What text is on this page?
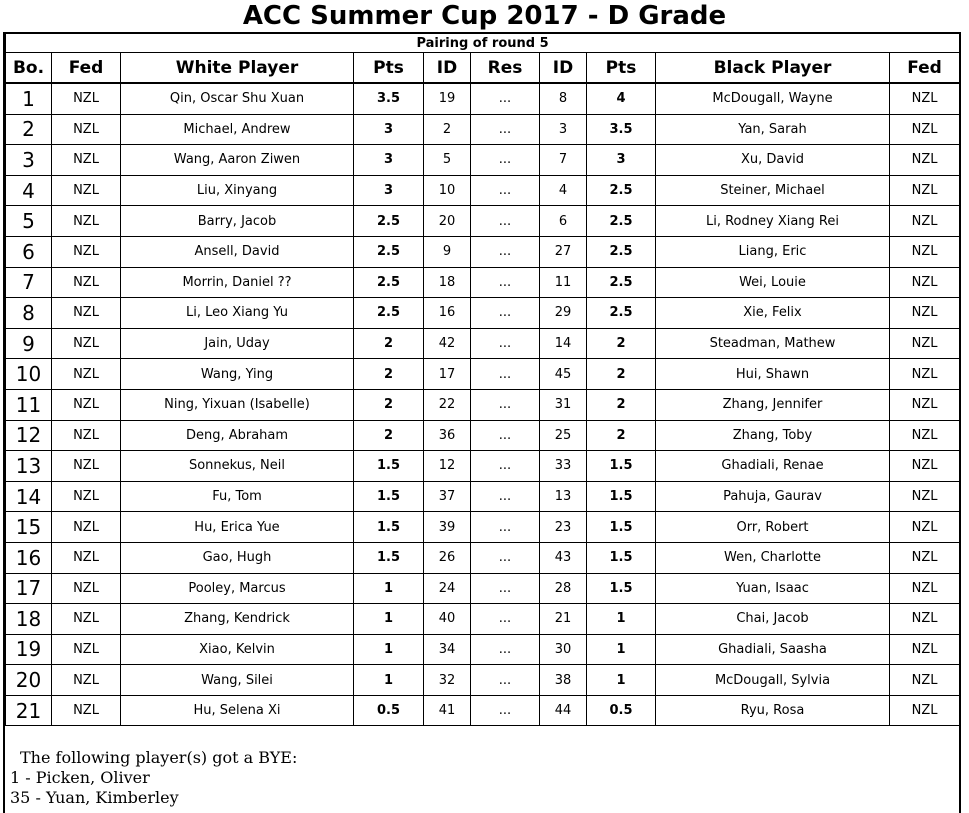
ACC Summer Cup 2017 - D Grade
Pairing of round 5									
Bo.	Fed	White Player	Pts	ID	Res	ID	Pts	Black Player	Fed
1	NZL	Qin, Oscar Shu Xuan	3.5	19	...	8	4	McDougall, Wayne	NZL
2	NZL	Michael, Andrew	3	2	...	3	3.5	Yan, Sarah	NZL
3	NZL	Wang, Aaron Ziwen	3	5	...	7	3	Xu, David	NZL
4	NZL	Liu, Xinyang	3	10	...	4	2.5	Steiner, Michael	NZL
5	NZL	Barry, Jacob	2.5	20	...	6	2.5	Li, Rodney Xiang Rei	NZL
6	NZL	Ansell, David	2.5	9	...	27	2.5	Liang, Eric	NZL
7	NZL	Morrin, Daniel ??	2.5	18	...	11	2.5	Wei, Louie	NZL
8	NZL	Li, Leo Xiang Yu	2.5	16	...	29	2.5	Xie, Felix	NZL
9	NZL	Jain, Uday	2	42	...	14	2	Steadman, Mathew	NZL
10	NZL	Wang, Ying	2	17	...	45	2	Hui, Shawn	NZL
11	NZL	Ning, Yixuan (Isabelle)	2	22	...	31	2	Zhang, Jennifer	NZL
12	NZL	Deng, Abraham	2	36	...	25	2	Zhang, Toby	NZL
13	NZL	Sonnekus, Neil	1.5	12	...	33	1.5	Ghadiali, Renae	NZL
14	NZL	Fu, Tom	1.5	37	...	13	1.5	Pahuja, Gaurav	NZL
15	NZL	Hu, Erica Yue	1.5	39	...	23	1.5	Orr, Robert	NZL
16	NZL	Gao, Hugh	1.5	26	...	43	1.5	Wen, Charlotte	NZL
17	NZL	Pooley, Marcus	1	24	...	28	1.5	Yuan, Isaac	NZL
18	NZL	Zhang, Kendrick	1	40	...	21	1	Chai, Jacob	NZL
19	NZL	Xiao, Kelvin	1	34	...	30	1	Ghadiali, Saasha	NZL
20	NZL	Wang, Silei	1	32	...	38	1	McDougall, Sylvia	NZL
21	NZL	Hu, Selena Xi	0.5	41	...	44	0.5	Ryu, Rosa	NZL
The following player(s) got a BYE:
1 - Picken, Oliver
35 - Yuan, Kimberley
